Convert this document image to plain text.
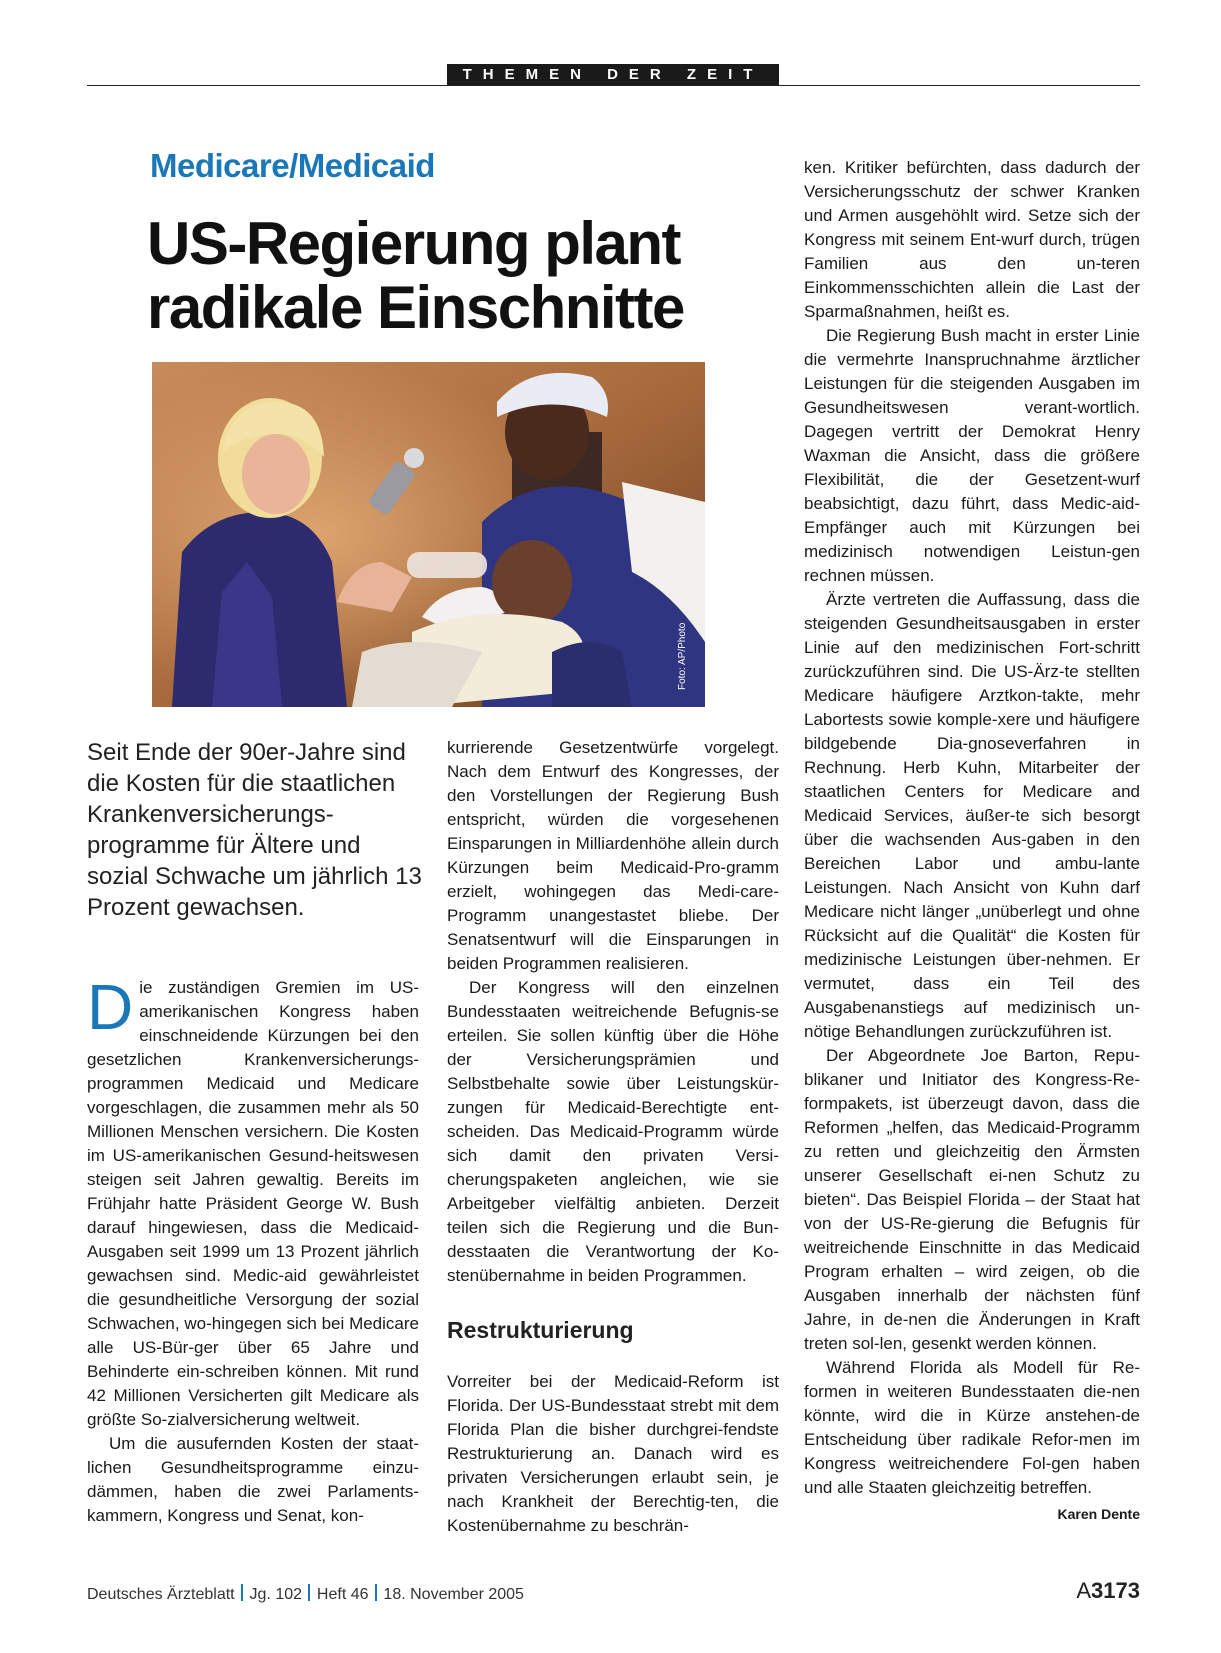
THEMEN DER ZEIT
Medicare/Medicaid
US-Regierung plant radikale Einschnitte
Foto: AP/Photo

Seit Ende der 90er-Jahre sind die Kosten für die staatlichen Krankenversicherungs-programme für Ältere und sozial Schwache um jährlich 13 Prozent gewachsen.

Die zuständigen Gremien im US-amerikanischen Kongress haben einschneidende Kürzungen bei den gesetzlichen Krankenversicherungs-programmen Medicaid und Medicare vorgeschlagen, die zusammen mehr als 50 Millionen Menschen versichern. Die Kosten im US-amerikanischen Gesund-heitswesen steigen seit Jahren gewaltig. Bereits im Frühjahr hatte Präsident George W. Bush darauf hingewiesen, dass die Medicaid-Ausgaben seit 1999 um 13 Prozent jährlich gewachsen sind. Medic-aid gewährleistet die gesundheitliche Versorgung der sozial Schwachen, wo-hingegen sich bei Medicare alle US-Bür-ger über 65 Jahre und Behinderte ein-schreiben können. Mit rund 42 Millionen Versicherten gilt Medicare als größte So-zialversicherung weltweit.

Um die ausufernden Kosten der staat-lichen Gesundheitsprogramme einzu-dämmen, haben die zwei Parlaments-kammern, Kongress und Senat, kon-

kurrierende Gesetzentwürfe vorgelegt. Nach dem Entwurf des Kongresses, der den Vorstellungen der Regierung Bush entspricht, würden die vorgesehenen Einsparungen in Milliardenhöhe allein durch Kürzungen beim Medicaid-Pro-gramm erzielt, wohingegen das Medi-care-Programm unangestastet bliebe. Der Senatsentwurf will die Einsparungen in beiden Programmen realisieren.

Der Kongress will den einzelnen Bundesstaaten weitreichende Befugnis-se erteilen. Sie sollen künftig über die Höhe der Versicherungsprämien und Selbstbehalte sowie über Leistungskür-zungen für Medicaid-Berechtigte ent-scheiden. Das Medicaid-Programm würde sich damit den privaten Versi-cherungspaketen angleichen, wie sie Arbeitgeber vielfältig anbieten. Derzeit teilen sich die Regierung und die Bun-desstaaten die Verantwortung der Ko-stenübernahme in beiden Programmen.

Restrukturierung

Vorreiter bei der Medicaid-Reform ist Florida. Der US-Bundesstaat strebt mit dem Florida Plan die bisher durchgrei-fendste Restrukturierung an. Danach wird es privaten Versicherungen erlaubt sein, je nach Krankheit der Berechtig-ten, die Kostenübernahme zu beschrän-

ken. Kritiker befürchten, dass dadurch der Versicherungsschutz der schwer Kranken und Armen ausgehöhlt wird. Setze sich der Kongress mit seinem Ent-wurf durch, trügen Familien aus den un-teren Einkommensschichten allein die Last der Sparmaßnahmen, heißt es.

Die Regierung Bush macht in erster Linie die vermehrte Inanspruchnahme ärztlicher Leistungen für die steigenden Ausgaben im Gesundheitswesen verant-wortlich. Dagegen vertritt der Demokrat Henry Waxman die Ansicht, dass die größere Flexibilität, die der Gesetzent-wurf beabsichtigt, dazu führt, dass Medic-aid-Empfänger auch mit Kürzungen bei medizinisch notwendigen Leistun-gen rechnen müssen.

Ärzte vertreten die Auffassung, dass die steigenden Gesundheitsausgaben in erster Linie auf den medizinischen Fort-schritt zurückzuführen sind. Die US-Ärz-te stellten Medicare häufigere Arztkon-takte, mehr Labortests sowie komple-xere und häufigere bildgebende Dia-gnoseverfahren in Rechnung. Herb Kuhn, Mitarbeiter der staatlichen Centers for Medicare and Medicaid Services, äußer-te sich besorgt über die wachsenden Aus-gaben in den Bereichen Labor und ambu-lante Leistungen. Nach Ansicht von Kuhn darf Medicare nicht länger „unüberlegt und ohne Rücksicht auf die Qualität“ die Kosten für medizinische Leistungen über-nehmen. Er vermutet, dass ein Teil des Ausgabenanstiegs auf medizinisch un-nötige Behandlungen zurückzuführen ist.

Der Abgeordnete Joe Barton, Repu-blikaner und Initiator des Kongress-Re-formpakets, ist überzeugt davon, dass die Reformen „helfen, das Medicaid-Programm zu retten und gleichzeitig den Ärmsten unserer Gesellschaft ei-nen Schutz zu bieten“. Das Beispiel Florida – der Staat hat von der US-Re-gierung die Befugnis für weitreichende Einschnitte in das Medicaid Program erhalten – wird zeigen, ob die Ausgaben innerhalb der nächsten fünf Jahre, in de-nen die Änderungen in Kraft treten sol-len, gesenkt werden können.

Während Florida als Modell für Re-formen in weiteren Bundesstaaten die-nen könnte, wird die in Kürze anstehen-de Entscheidung über radikale Refor-men im Kongress weitreichendere Fol-gen haben und alle Staaten gleichzeitig betreffen.
Karen Dente

Deutsches Ärzteblatt Jg. 102 Heft 46 18. November 2005	A3173
